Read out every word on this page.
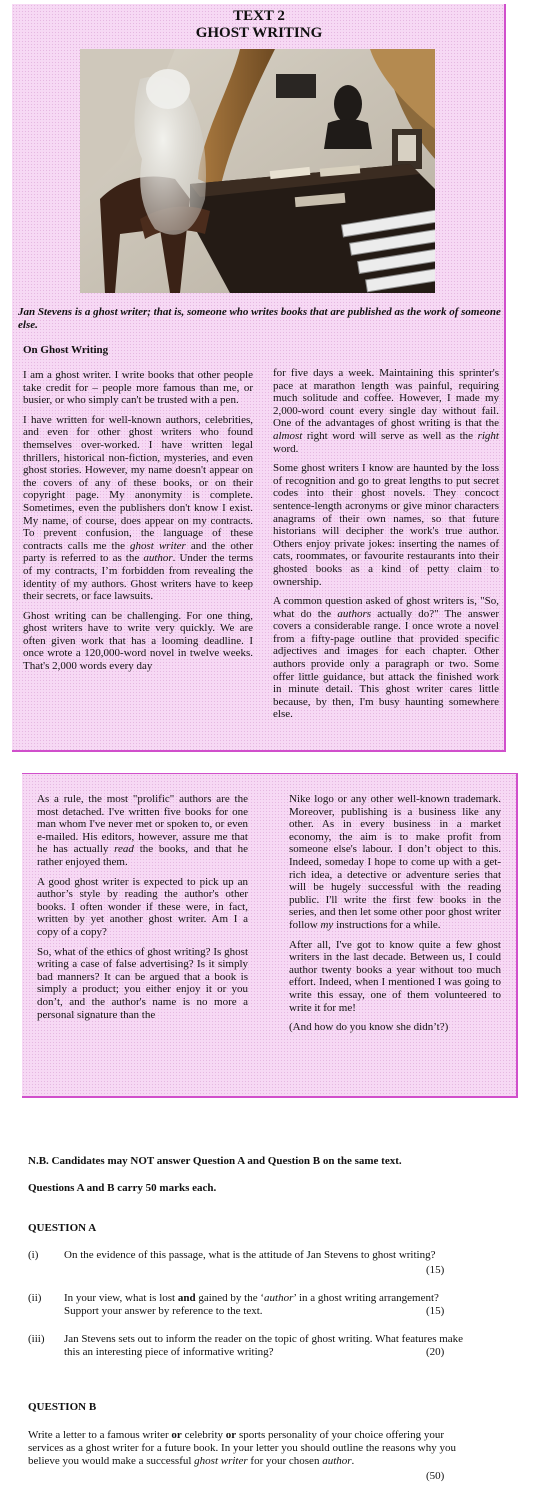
TEXT 2
GHOST WRITING
Jan Stevens is a ghost writer; that is, someone who writes books that are published as the work of someone else.
On Ghost Writing

I am a ghost writer. I write books that other people take credit for – people more famous than me, or busier, or who simply can't be trusted with a pen.

I have written for well-known authors, celebrities, and even for other ghost writers who found themselves over-worked. I have written legal thrillers, historical non-fiction, mysteries, and even ghost stories. However, my name doesn't appear on the covers of any of these books, or on their copyright page. My anonymity is complete. Sometimes, even the publishers don't know I exist. My name, of course, does appear on my contracts. To prevent confusion, the language of these contracts calls me the ghost writer and the other party is referred to as the author. Under the terms of my contracts, I’m forbidden from revealing the identity of my authors. Ghost writers have to keep their secrets, or face lawsuits.

Ghost writing can be challenging. For one thing, ghost writers have to write very quickly. We are often given work that has a looming deadline. I once wrote a 120,000-word novel in twelve weeks. That's 2,000 words every day

for five days a week. Maintaining this sprinter's pace at marathon length was painful, requiring much solitude and coffee. However, I made my 2,000-word count every single day without fail. One of the advantages of ghost writing is that the almost right word will serve as well as the right word.

Some ghost writers I know are haunted by the loss of recognition and go to great lengths to put secret codes into their ghost novels. They concoct sentence-length acronyms or give minor characters anagrams of their own names, so that future historians will decipher the work's true author. Others enjoy private jokes: inserting the names of cats, roommates, or favourite restaurants into their ghosted books as a kind of petty claim to ownership.

A common question asked of ghost writers is, "So, what do the authors actually do?" The answer covers a considerable range. I once wrote a novel from a fifty-page outline that provided specific adjectives and images for each chapter. Other authors provide only a paragraph or two. Some offer little guidance, but attack the finished work in minute detail. This ghost writer cares little because, by then, I'm busy haunting somewhere else.

As a rule, the most "prolific" authors are the most detached. I've written five books for one man whom I've never met or spoken to, or even e-mailed. His editors, however, assure me that he has actually read the books, and that he rather enjoyed them.

A good ghost writer is expected to pick up an author’s style by reading the author's other books. I often wonder if these were, in fact, written by yet another ghost writer. Am I a copy of a copy?

So, what of the ethics of ghost writing? Is ghost writing a case of false advertising? Is it simply bad manners? It can be argued that a book is simply a product; you either enjoy it or you don’t, and the author's name is no more a personal signature than the

Nike logo or any other well-known trademark. Moreover, publishing is a business like any other. As in every business in a market economy, the aim is to make profit from someone else's labour. I don’t object to this. Indeed, someday I hope to come up with a get-rich idea, a detective or adventure series that will be hugely successful with the reading public. I'll write the first few books in the series, and then let some other poor ghost writer follow my instructions for a while.

After all, I've got to know quite a few ghost writers in the last decade. Between us, I could author twenty books a year without too much effort. Indeed, when I mentioned I was going to write this essay, one of them volunteered to write it for me!

(And how do you know she didn’t?)

N.B. Candidates may NOT answer Question A and Question B on the same text.
Questions A and B carry 50 marks each.
QUESTION A
(i) On the evidence of this passage, what is the attitude of Jan Stevens to ghost writing?
(15)
(ii) In your view, what is lost and gained by the ‘author’ in a ghost writing arrangement?
Support your answer by reference to the text.	(15)
(iii) Jan Stevens sets out to inform the reader on the topic of ghost writing. What features make
this an interesting piece of informative writing?	(20)
QUESTION B
Write a letter to a famous writer or celebrity or sports personality of your choice offering your
services as a ghost writer for a future book. In your letter you should outline the reasons why you
believe you would make a successful ghost writer for your chosen author.
(50)
